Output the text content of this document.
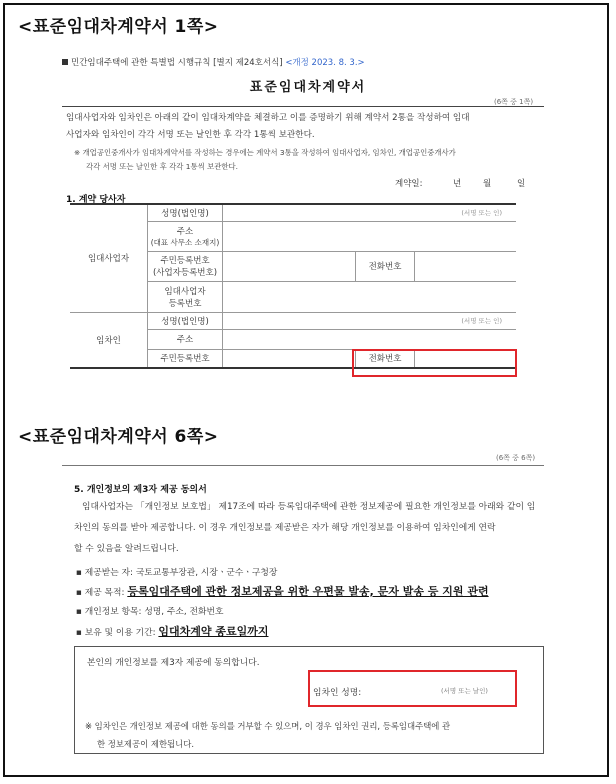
<표준임대차계약서 1쪽>
민간임대주택에 관한 특별법 시행규칙 [별지 제24호서식] <개정 2023. 8. 3.>
표준임대차계약서
(6쪽 중 1쪽)
임대사업자와 임차인은 아래의 같이 임대차계약을 체결하고 이를 증명하기 위해 계약서 2통을 작성하여 임대
사업자와 임차인이 각각 서명 또는 날인한 후 각각 1통씩 보관한다.
※ 개업공인중개사가 임대차계약서를 작성하는 경우에는 계약서 3통을 작성하여 임대사업자, 임차인, 개업공인중개사가
각각 서명 또는 날인한 후 각각 1통씩 보관한다.
계약일:	년	월	일
1. 계약 당사자
임대사업자	성명(법인명)	(서명 또는 인)		

	주소
(대표 사무소 소재지)			

	주민등록번호
(사업자등록번호)		전화번호	

	임대사업자
등록번호			

임차인	성명(법인명)	(서명 또는 인)		

	주소			
	주민등록번호		전화번호	
<표준임대차계약서 6쪽>
(6쪽 중 6쪽)
5. 개인정보의 제3자 제공 동의서
임대사업자는 「개인정보 보호법」 제17조에 따라 등록임대주택에 관한 정보제공에 필요한 개인정보를 아래와 같이 임
차인의 동의를 받아 제공합니다. 이 경우 개인정보를 제공받은 자가 해당 개인정보를 이용하여 임차인에게 연락
할 수 있음을 알려드립니다.
▪ 제공받는 자: 국토교통부장관, 시장ㆍ군수ㆍ구청장
▪ 제공 목적: 등록임대주택에 관한 정보제공을 위한 우편물 발송, 문자 발송 등 지원 관련
▪ 개인정보 항목: 성명, 주소, 전화번호
▪ 보유 및 이용 기간: 임대차계약 종료일까지
본인의 개인정보를 제3자 제공에 동의합니다.
임차인 성명:	(서명 또는 날인)
※ 임차인은 개인정보 제공에 대한 동의를 거부할 수 있으며, 이 경우 임차인 권리, 등록임대주택에 관
한 정보제공이 제한됩니다.
